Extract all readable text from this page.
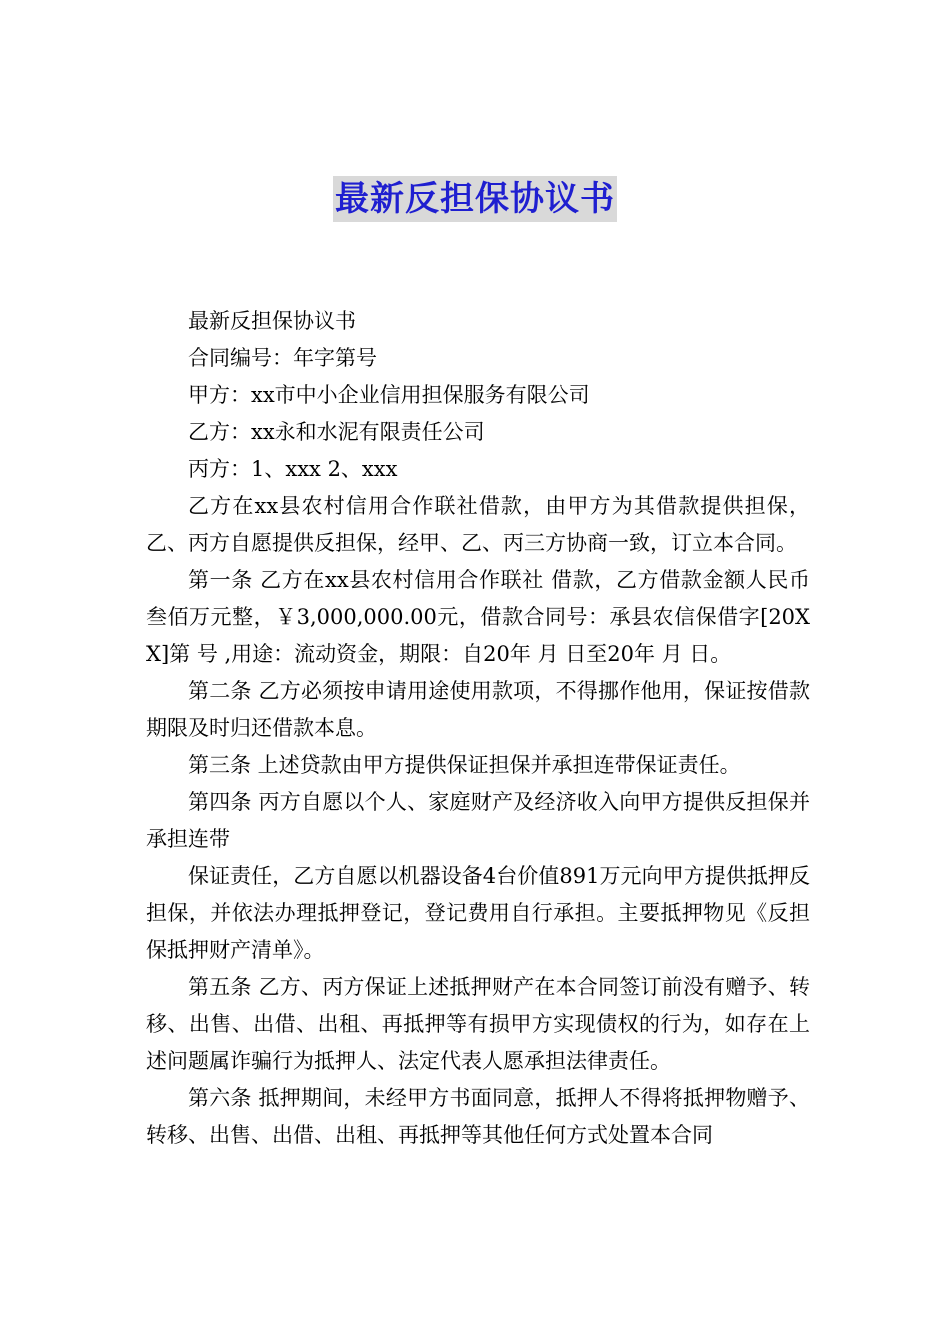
最新反担保协议书

最新反担保协议书

合同编号：年字第号

甲方：xx市中小企业信用担保服务有限公司

乙方：xx永和水泥有限责任公司

丙方：1、xxx 2、xxx

乙方在xx县农村信用合作联社借款，由甲方为其借款提供担保，乙、丙方自愿提供反担保，经甲、乙、丙三方协商一致，订立本合同。

第一条 乙方在xx县农村信用合作联社 借款，乙方借款金额人民币叁佰万元整，￥3,000,000.00元，借款合同号：承县农信保借字[20XX]第 号 ,用途：流动资金，期限：自20年 月 日至20年 月 日。

第二条 乙方必须按申请用途使用款项，不得挪作他用，保证按借款期限及时归还借款本息。

第三条 上述贷款由甲方提供保证担保并承担连带保证责任。

第四条 丙方自愿以个人、家庭财产及经济收入向甲方提供反担保并承担连带

保证责任，乙方自愿以机器设备4台价值891万元向甲方提供抵押反担保，并依法办理抵押登记，登记费用自行承担。主要抵押物见《反担保抵押财产清单》。

第五条 乙方、丙方保证上述抵押财产在本合同签订前没有赠予、转移、出售、出借、出租、再抵押等有损甲方实现债权的行为，如存在上述问题属诈骗行为抵押人、法定代表人愿承担法律责任。

第六条 抵押期间，未经甲方书面同意，抵押人不得将抵押物赠予、转移、出售、出借、出租、再抵押等其他任何方式处置本合同
